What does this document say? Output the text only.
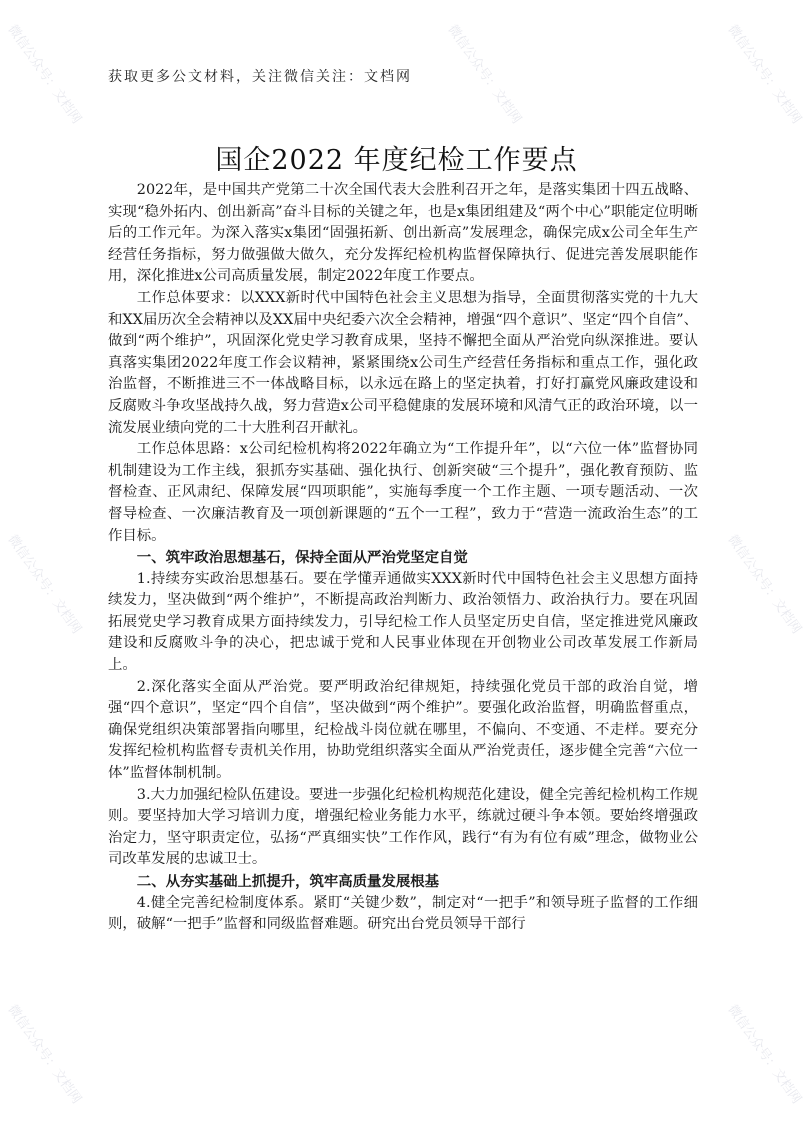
微信公众号：文档网	微信公众号：文档网	微信公众号：文档网
微信公众号：文档网	微信公众号：文档网
微信公众号：文档网	微信公众号：文档网
获取更多公文材料，关注微信关注：文档网
国企2022 年度纪检工作要点

2022年，是中国共产党第二十次全国代表大会胜利召开之年，是落实集团十四五战略、实现“稳外拓内、创出新高”奋斗目标的关键之年，也是x集团组建及“两个中心”职能定位明晰后的工作元年。为深入落实x集团“固强拓新、创出新高”发展理念，确保完成x公司全年生产经营任务指标，努力做强做大做久，充分发挥纪检机构监督保障执行、促进完善发展职能作用，深化推进x公司高质量发展，制定2022年度工作要点。

工作总体要求：以XXX新时代中国特色社会主义思想为指导，全面贯彻落实党的十九大和XX届历次全会精神以及XX届中央纪委六次全会精神，增强“四个意识”、坚定“四个自信”、做到“两个维护”，巩固深化党史学习教育成果，坚持不懈把全面从严治党向纵深推进。要认真落实集团2022年度工作会议精神，紧紧围绕x公司生产经营任务指标和重点工作，强化政治监督，不断推进三不一体战略目标，以永远在路上的坚定执着，打好打赢党风廉政建设和反腐败斗争攻坚战持久战，努力营造x公司平稳健康的发展环境和风清气正的政治环境，以一流发展业绩向党的二十大胜利召开献礼。

工作总体思路：x公司纪检机构将2022年确立为“工作提升年”，以“六位一体”监督协同机制建设为工作主线，狠抓夯实基础、强化执行、创新突破“三个提升”，强化教育预防、监督检查、正风肃纪、保障发展“四项职能”，实施每季度一个工作主题、一项专题活动、一次督导检查、一次廉洁教育及一项创新课题的“五个一工程”，致力于“营造一流政治生态”的工作目标。

一、筑牢政治思想基石，保持全面从严治党坚定自觉

1.持续夯实政治思想基石。要在学懂弄通做实XXX新时代中国特色社会主义思想方面持续发力，坚决做到“两个维护”，不断提高政治判断力、政治领悟力、政治执行力。要在巩固拓展党史学习教育成果方面持续发力，引导纪检工作人员坚定历史自信，坚定推进党风廉政建设和反腐败斗争的决心，把忠诚于党和人民事业体现在开创物业公司改革发展工作新局上。

2.深化落实全面从严治党。要严明政治纪律规矩，持续强化党员干部的政治自觉，增强“四个意识”，坚定“四个自信”，坚决做到“两个维护”。要强化政治监督，明确监督重点，确保党组织决策部署指向哪里，纪检战斗岗位就在哪里，不偏向、不变通、不走样。要充分发挥纪检机构监督专责机关作用，协助党组织落实全面从严治党责任，逐步健全完善“六位一体”监督体制机制。

3.大力加强纪检队伍建设。要进一步强化纪检机构规范化建设，健全完善纪检机构工作规则。要坚持加大学习培训力度，增强纪检业务能力水平，练就过硬斗争本领。要始终增强政治定力，坚守职责定位，弘扬“严真细实快”工作作风，践行“有为有位有威”理念，做物业公司改革发展的忠诚卫士。

二、从夯实基础上抓提升，筑牢高质量发展根基

4.健全完善纪检制度体系。紧盯“关键少数”，制定对“一把手”和领导班子监督的工作细则，破解“一把手”监督和同级监督难题。研究出台党员领导干部行
